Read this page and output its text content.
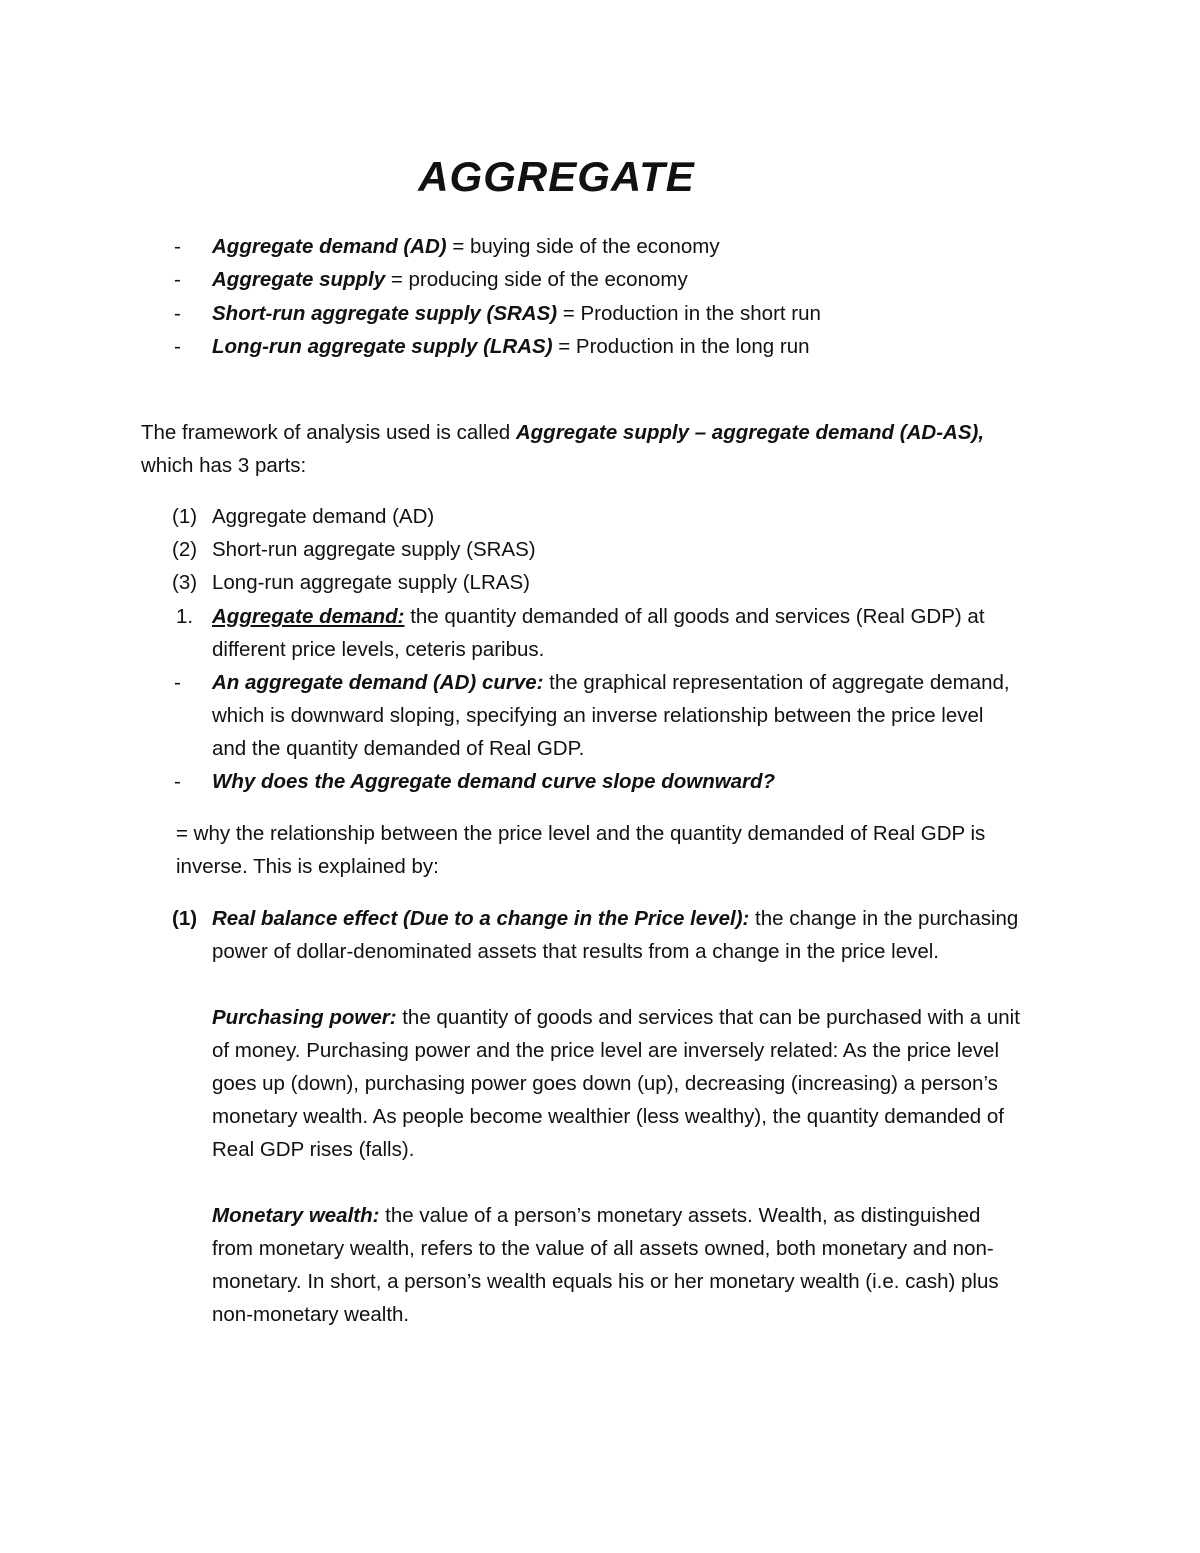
AGGREGATE
- Aggregate demand (AD) = buying side of the economy
- Aggregate supply = producing side of the economy
- Short-run aggregate supply (SRAS) = Production in the short run
- Long-run aggregate supply (LRAS) = Production in the long run
The framework of analysis used is called Aggregate supply – aggregate demand (AD-AS),
which has 3 parts:
(1) Aggregate demand (AD)
(2) Short-run aggregate supply (SRAS)
(3) Long-run aggregate supply (LRAS)
1. Aggregate demand: the quantity demanded of all goods and services (Real GDP) at
different price levels, ceteris paribus.
- An aggregate demand (AD) curve: the graphical representation of aggregate demand,
which is downward sloping, specifying an inverse relationship between the price level
and the quantity demanded of Real GDP.
- Why does the Aggregate demand curve slope downward?
= why the relationship between the price level and the quantity demanded of Real GDP is
inverse. This is explained by:
(1) Real balance effect (Due to a change in the Price level): the change in the purchasing
power of dollar-denominated assets that results from a change in the price level.
Purchasing power: the quantity of goods and services that can be purchased with a unit
of money. Purchasing power and the price level are inversely related: As the price level
goes up (down), purchasing power goes down (up), decreasing (increasing) a person’s
monetary wealth. As people become wealthier (less wealthy), the quantity demanded of
Real GDP rises (falls).
Monetary wealth: the value of a person’s monetary assets. Wealth, as distinguished
from monetary wealth, refers to the value of all assets owned, both monetary and non-
monetary. In short, a person’s wealth equals his or her monetary wealth (i.e. cash) plus
non-monetary wealth.
